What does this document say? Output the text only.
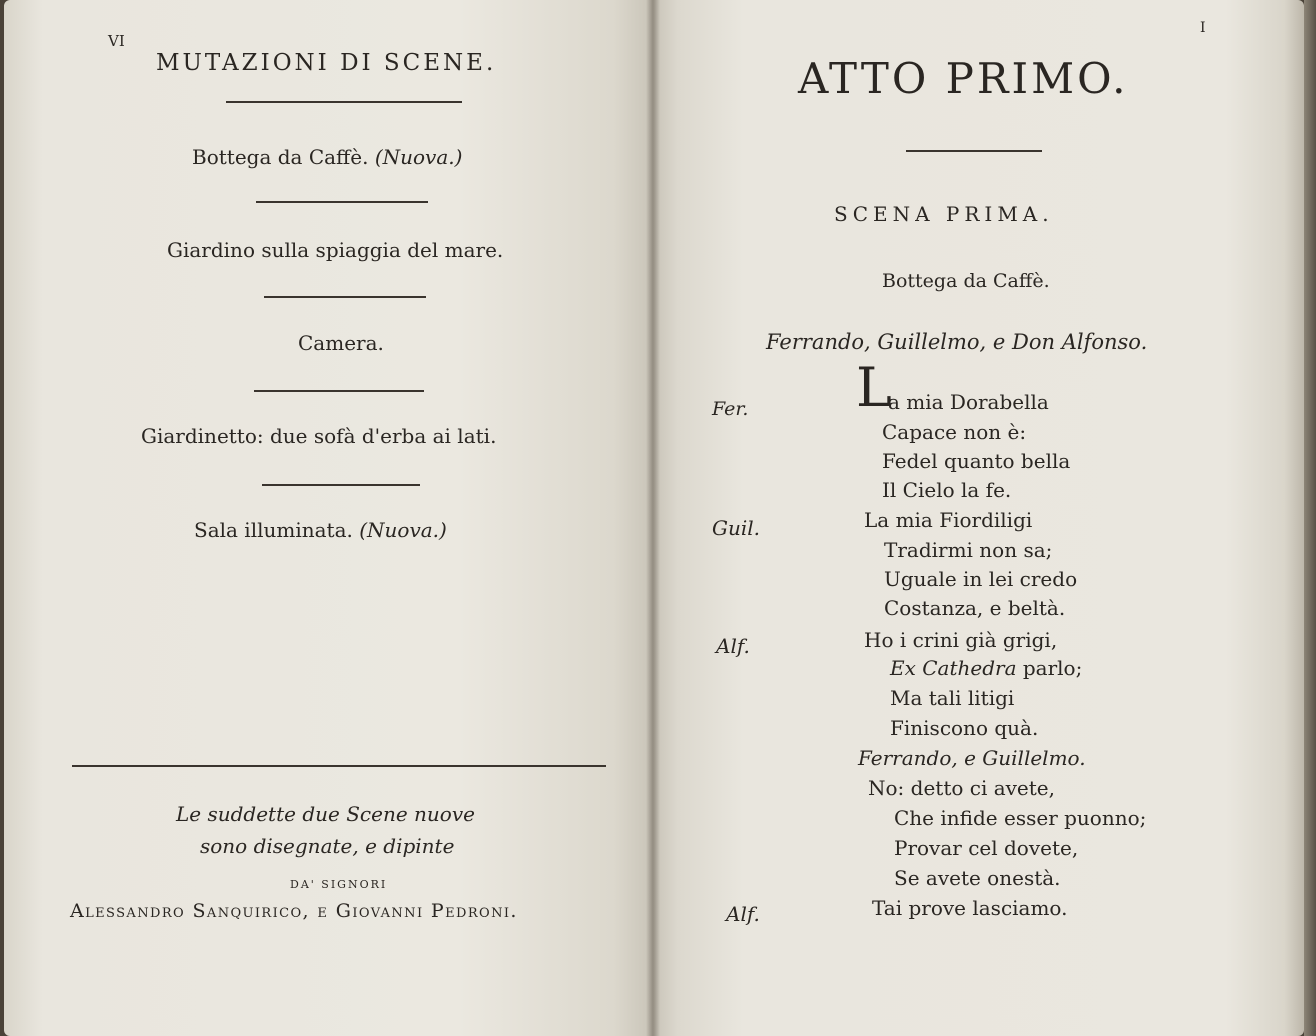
VI
MUTAZIONI DI SCENE.
Bottega da Caffè. (Nuova.)
Giardino sulla spiaggia del mare.
Camera.
Giardinetto: due sofà d'erba ai lati.
Sala illuminata. (Nuova.)
Le suddette due Scene nuove
sono disegnate, e dipinte
DA' SIGNORI
Alessandro Sanquirico, e Giovanni Pedroni.
I
ATTO PRIMO.
SCENA PRIMA.
Bottega da Caffè.
Ferrando, Guillelmo, e Don Alfonso.
Fer. L
a mia Dorabella
Capace non è:
Fedel quanto bella
Il Cielo la fe.
Guil.	La mia Fiordiligi
Tradirmi non sa;
Uguale in lei credo
Costanza, e beltà.
Alf.	Ho i crini già grigi,
Ex Cathedra parlo;
Ma tali litigi
Finiscono quà.
Ferrando, e Guillelmo.
No: detto ci avete,
Che infide esser puonno;
Provar cel dovete,
Se avete onestà.
Alf.	Tai prove lasciamo.
